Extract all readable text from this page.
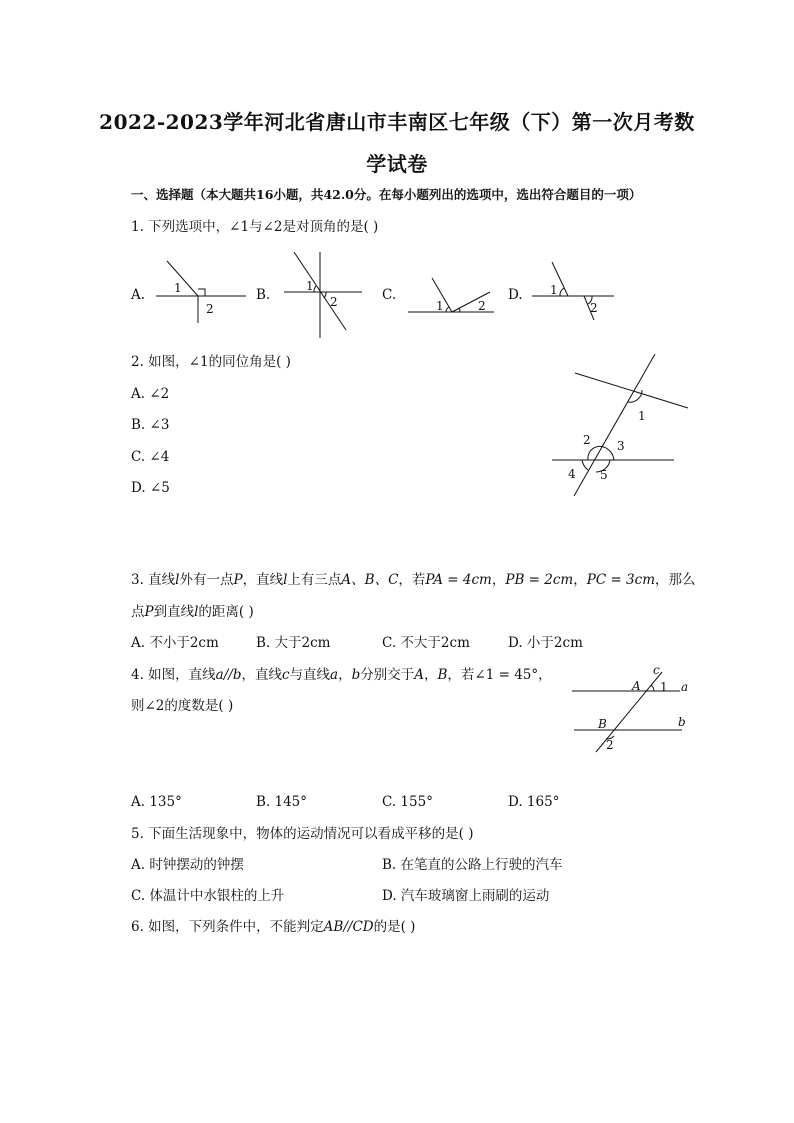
2022-2023学年河北省唐山市丰南区七年级（下）第一次月考数
学试卷
一、选择题（本大题共16小题，共42.0分。在每小题列出的选项中，选出符合题目的一项）
1. 下列选项中，∠1与∠2是对顶角的是( )
A. 1
2
B.
1
2	C.
1	2
D. 1
2
2. 如图，∠1的同位角是( )
A. ∠2
B. ∠3
C. ∠4
D. ∠5
1
2 3
4 5
3. 直线l外有一点P，直线l上有三点A、B、C，若PA = 4cm，PB = 2cm，PC = 3cm，那么
点P到直线l的距离( )
A. 不小于2cm	B. 大于2cm	C. 不大于2cm	D. 小于2cm
4. 如图，直线a//b，直线c与直线a，b分别交于A，B，若∠1 = 45°，
则∠2的度数是( )
A 1 a
c
B	b
2
A. 135°	B. 145°	C. 155°	D. 165°
5. 下面生活现象中，物体的运动情况可以看成平移的是( )
A. 时钟摆动的钟摆	B. 在笔直的公路上行驶的汽车
C. 体温计中水银柱的上升	D. 汽车玻璃窗上雨刷的运动
6. 如图，下列条件中，不能判定AB//CD的是( )
